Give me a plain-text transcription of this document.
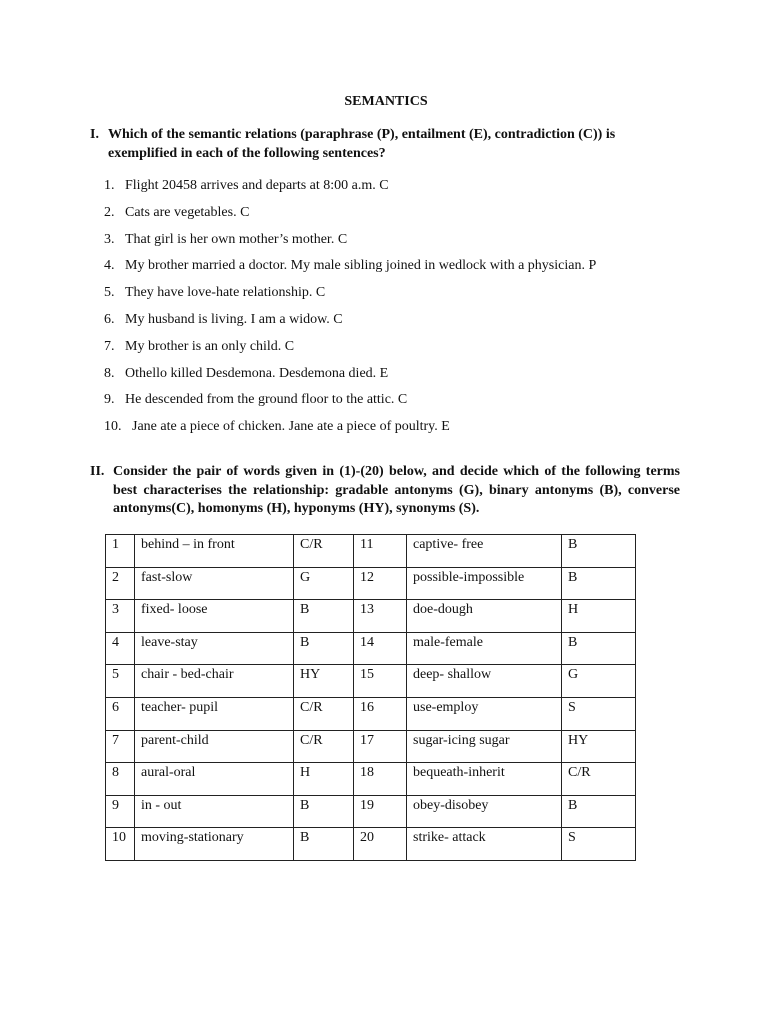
SEMANTICS
I. Which of the semantic relations (paraphrase (P), entailment (E), contradiction (C)) is exemplified in each of the following sentences?
1. Flight 20458 arrives and departs at 8:00 a.m. C
2. Cats are vegetables. C
3. That girl is her own mother’s mother. C
4. My brother married a doctor. My male sibling joined in wedlock with a physician. P
5. They have love-hate relationship. C
6. My husband is living. I am a widow. C
7. My brother is an only child. C
8. Othello killed Desdemona. Desdemona died. E
9. He descended from the ground floor to the attic. C
10. Jane ate a piece of chicken. Jane ate a piece of poultry. E
II. Consider the pair of words given in (1)-(20) below, and decide which of the following terms best characterises the relationship: gradable antonyms (G), binary antonyms (B), converse antonyms(C), homonyms (H), hyponyms (HY), synonyms (S).
1	behind – in front	C/R	11	captive- free	B
2	fast-slow	G	12	possible-impossible	B
3	fixed- loose	B	13	doe-dough	H
4	leave-stay	B	14	male-female	B
5	chair - bed-chair	HY	15	deep- shallow	G
6	teacher- pupil	C/R	16	use-employ	S
7	parent-child	C/R	17	sugar-icing sugar	HY
8	aural-oral	H	18	bequeath-inherit	C/R
9	in - out	B	19	obey-disobey	B
10	moving-stationary	B	20	strike- attack	S
